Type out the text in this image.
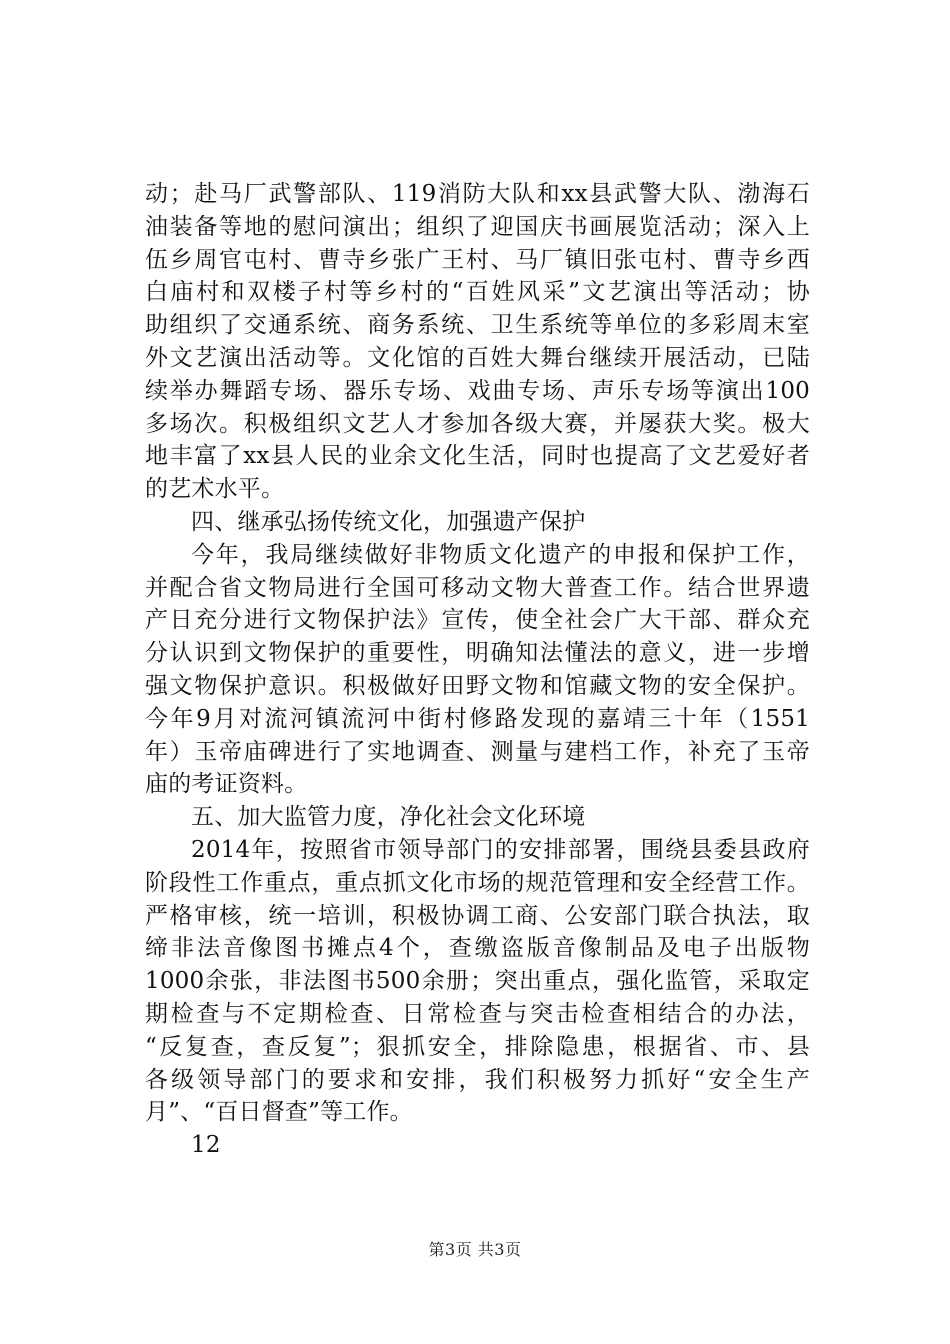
动；赴马厂武警部队、119消防大队和xx县武警大队、渤海石
油装备等地的慰问演出；组织了迎国庆书画展览活动；深入上
伍乡周官屯村、曹寺乡张广王村、马厂镇旧张屯村、曹寺乡西
白庙村和双楼子村等乡村的“百姓风采”文艺演出等活动；协
助组织了交通系统、商务系统、卫生系统等单位的多彩周末室
外文艺演出活动等。文化馆的百姓大舞台继续开展活动，已陆
续举办舞蹈专场、器乐专场、戏曲专场、声乐专场等演出100
多场次。积极组织文艺人才参加各级大赛，并屡获大奖。极大
地丰富了xx县人民的业余文化生活，同时也提高了文艺爱好者
的艺术水平。
四、继承弘扬传统文化，加强遗产保护
今年，我局继续做好非物质文化遗产的申报和保护工作，
并配合省文物局进行全国可移动文物大普查工作。结合世界遗
产日充分进行文物保护法》宣传，使全社会广大干部、群众充
分认识到文物保护的重要性，明确知法懂法的意义，进一步增
强文物保护意识。积极做好田野文物和馆藏文物的安全保护。
今年9月对流河镇流河中街村修路发现的嘉靖三十年（1551
年）玉帝庙碑进行了实地调查、测量与建档工作，补充了玉帝
庙的考证资料。
五、加大监管力度，净化社会文化环境
2014年，按照省市领导部门的安排部署，围绕县委县政府
阶段性工作重点，重点抓文化市场的规范管理和安全经营工作。
严格审核，统一培训，积极协调工商、公安部门联合执法，取
缔非法音像图书摊点4个，查缴盗版音像制品及电子出版物
1000余张，非法图书500余册；突出重点，强化监管，采取定
期检查与不定期检查、日常检查与突击检查相结合的办法，
“反复查，查反复”；狠抓安全，排除隐患，根据省、市、县
各级领导部门的要求和安排，我们积极努力抓好“安全生产
月”、“百日督查”等工作。
12
第3页 共3页
